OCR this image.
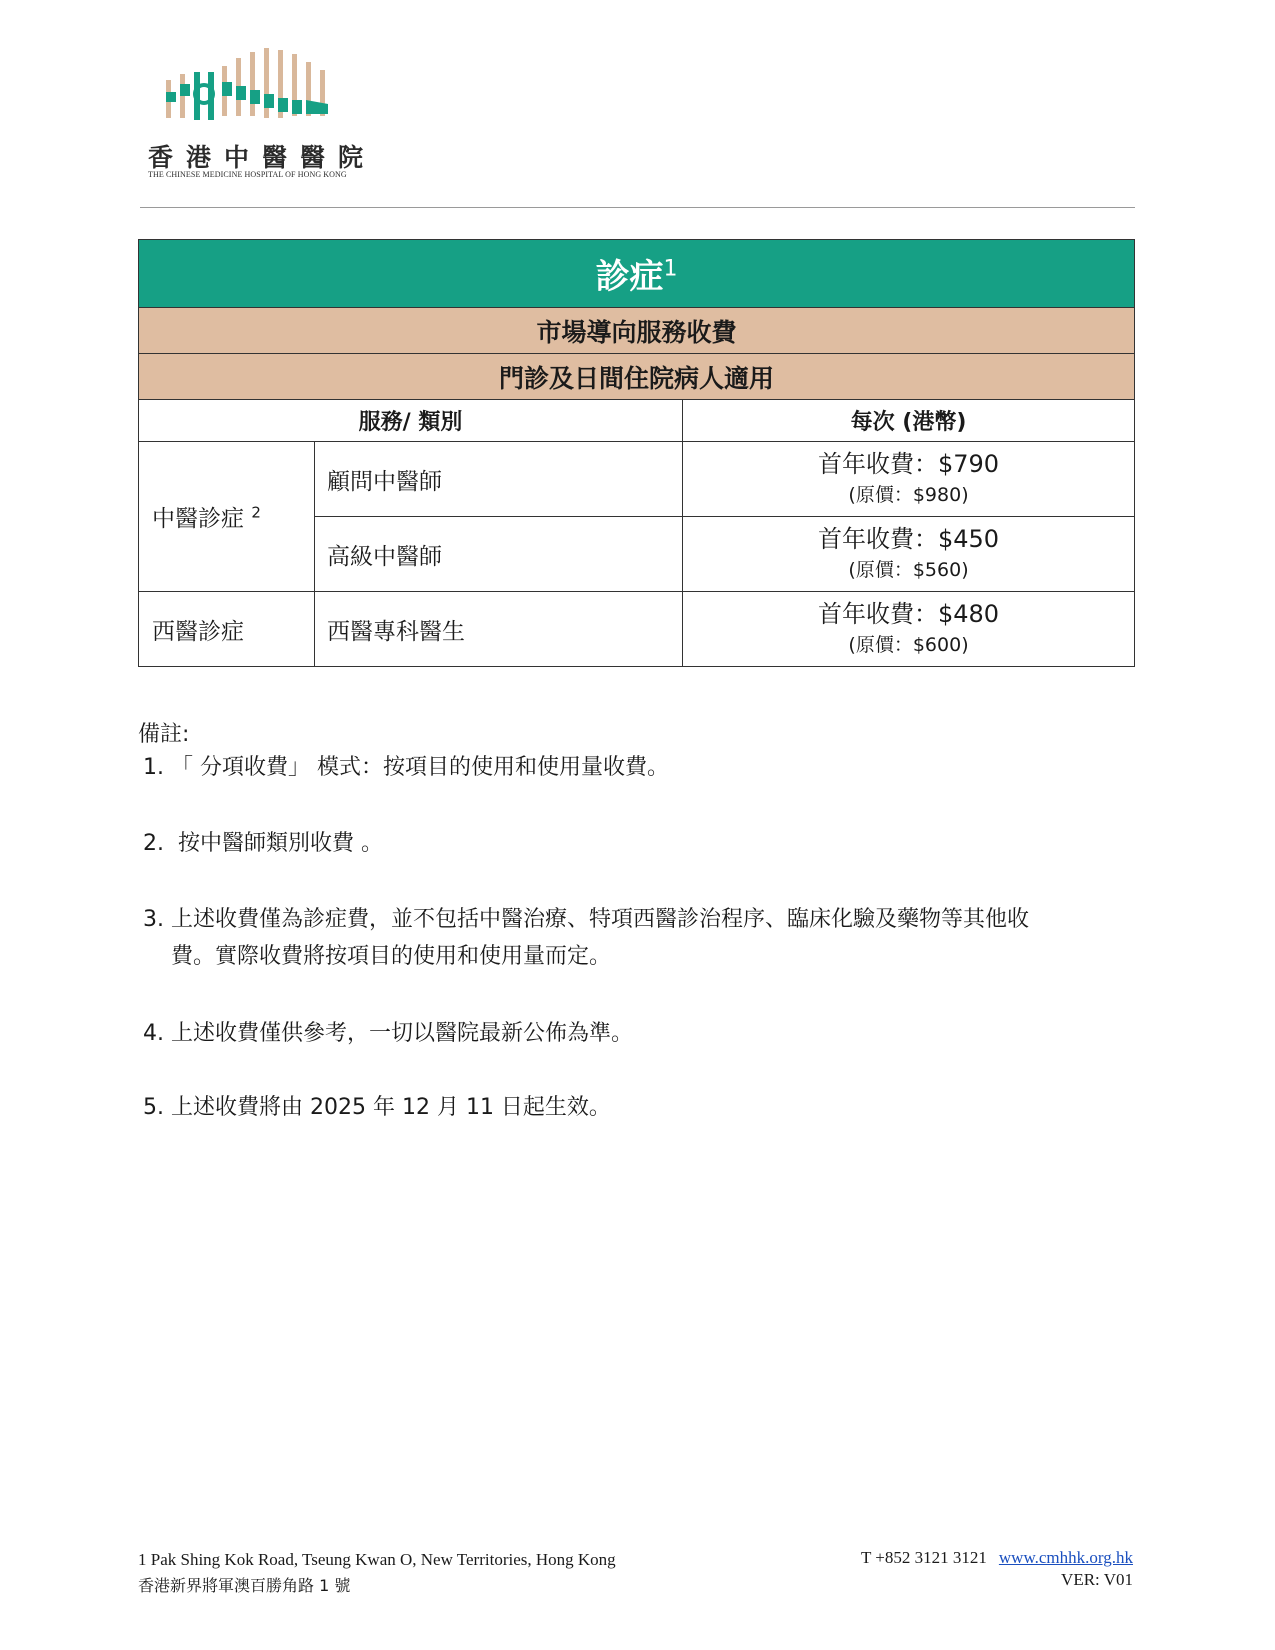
香港中醫醫院
THE CHINESE MEDICINE HOSPITAL OF HONG KONG
診症$^1$
市場導向服務收費		
門診及日間住院病人適用		
服務/ 類別		每次 (港幣)
中醫診症 $^2$	顧問中醫師	首年收費：$790
(原價：$980)

	高級中醫師	首年收費：$450
(原價：$560)

西醫診症	西醫專科醫生	首年收費：$480
(原價：$600)
備註:
1. 「 分項收費」 模式：按項目的使用和使用量收費。
2. 按中醫師類別收費 。
3. 上述收費僅為診症費，並不包括中醫治療、特項西醫診治程序、臨床化驗及藥物等其他收
費。實際收費將按項目的使用和使用量而定。
4. 上述收費僅供參考，一切以醫院最新公佈為準。
5. 上述收費將由 2025 年 12 月 11 日起生效。
1 Pak Shing Kok Road, Tseung Kwan O, New Territories, Hong Kong
香港新界將軍澳百勝角路 1 號
T +852 3121 3121 www.cmhhk.org.hk
VER: V01
